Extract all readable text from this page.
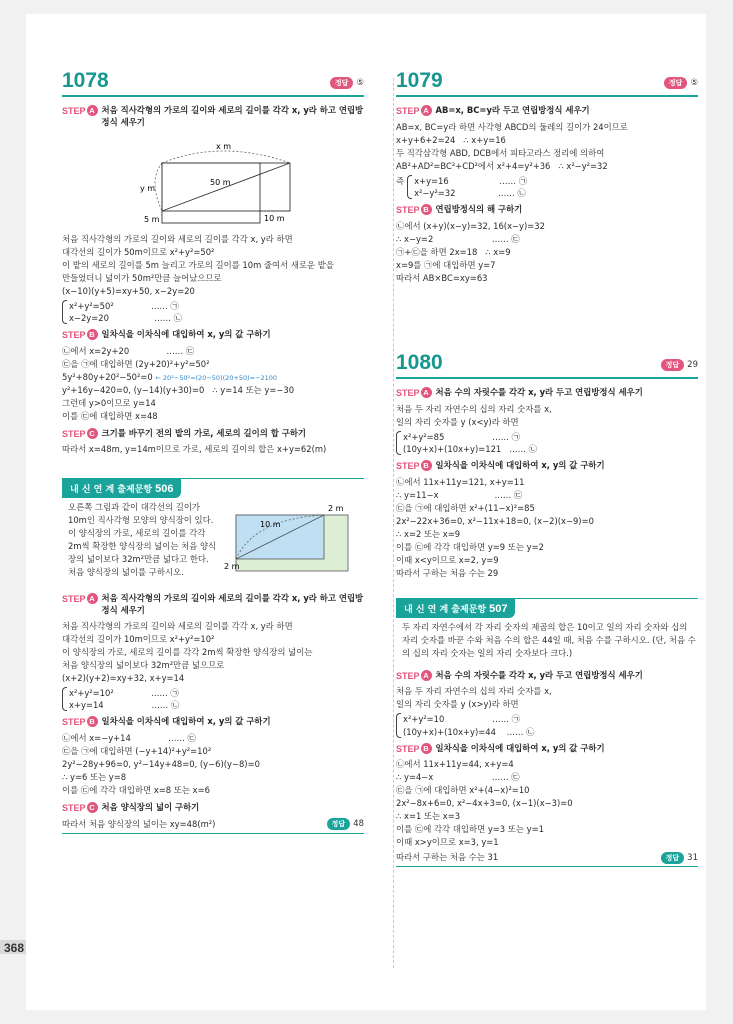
368
1078	정답 ⑤
STEP A 처음 직사각형의 가로의 길이와 세로의 길이를 각각 x, y라 하고 연립방정식 세우기
x m
y m
50 m
5 m	10 m
처음 직사각형의 가로의 길이와 세로의 길이를 각각 x, y라 하면
대각선의 길이가 50m이므로 x²+y²=50²
이 밭의 세로의 길이를 5m 늘리고 가로의 길이를 10m 줄여서 새로운 밭을
만들었더니 넓이가 50m²만큼 늘어났으므로
(x−10)(y+5)=xy+50, x−2y=20
x²+y²=50²              …… ㉠
x−2y=20                 …… ㉡
STEP B 일차식을 이차식에 대입하여 x, y의 값 구하기
㉡에서 x=2y+20              …… ㉢
㉢을 ㉠에 대입하면 (2y+20)²+y²=50²
5y²+80y+20²−50²=0 ← 20²−50²=(20−50)(20+50)=−2100
y²+16y−420=0, (y−14)(y+30)=0   ∴ y=14 또는 y=−30
그런데 y>0이므로 y=14
이를 ㉢에 대입하면 x=48
STEP C 크기를 바꾸기 전의 밭의 가로, 세로의 길이의 합 구하기
따라서 x=48m, y=14m이므로 가로, 세로의 길이의 합은 x+y=62(m)
내 신 연 계 출제문항 506
오른쪽 그림과 같이 대각선의 길이가 10m인 직사각형 모양의 양식장이 있다. 이 양식장의 가로, 세로의 길이를 각각 2m씩 확장한 양식장의 넓이는 처음 양식장의 넓이보다 32m²만큼 넓다고 한다. 처음 양식장의 넓이를 구하시오.
10 m
2 m
2 m
STEP A 처음 직사각형의 가로의 길이와 세로의 길이를 각각 x, y라 하고 연립방정식 세우기
처음 직사각형의 가로의 길이와 세로의 길이를 각각 x, y라 하면
대각선의 길이가 10m이므로 x²+y²=10²
이 양식장의 가로, 세로의 길이를 각각 2m씩 확장한 양식장의 넓이는
처음 양식장의 넓이보다 32m²만큼 넓으므로
(x+2)(y+2)=xy+32, x+y=14
x²+y²=10²              …… ㉠
x+y=14                  …… ㉡
STEP B 일차식을 이차식에 대입하여 x, y의 값 구하기
㉡에서 x=−y+14              …… ㉢
㉢을 ㉠에 대입하면 (−y+14)²+y²=10²
2y²−28y+96=0, y²−14y+48=0, (y−6)(y−8)=0
∴ y=6 또는 y=8
이를 ㉢에 각각 대입하면 x=8 또는 x=6
STEP C 처음 양식장의 넓이 구하기
따라서 처음 양식장의 넓이는 xy=48(m²)	정답 48
1079	정답 ⑤
STEP A AB=x, BC=y라 두고 연립방정식 세우기
AB=x, BC=y라 하면 사각형 ABCD의 둘레의 길이가 24이므로
x+y+6+2=24   ∴ x+y=16
두 직각삼각형 ABD, DCB에서 피타고라스 정리에 의하여
AB²+AD²=BC²+CD²에서 x²+4=y²+36   ∴ x²−y²=32
즉 x+y=16                   …… ㉠
x²−y²=32                …… ㉡
STEP B 연립방정식의 해 구하기
㉡에서 (x+y)(x−y)=32, 16(x−y)=32
∴ x−y=2                      …… ㉢
㉠+㉢을 하면 2x=18   ∴ x=9
x=9를 ㉠에 대입하면 y=7
따라서 AB×BC=xy=63
1080	정답 29
STEP A 처음 수의 자릿수를 각각 x, y라 두고 연립방정식 세우기
처음 두 자리 자연수의 십의 자리 숫자를 x,
일의 자리 숫자를 y (x<y)라 하면
x²+y²=85                  …… ㉠
(10y+x)+(10x+y)=121   …… ㉡
STEP B 일차식을 이차식에 대입하여 x, y의 값 구하기
㉡에서 11x+11y=121, x+y=11
∴ y=11−x                     …… ㉢
㉢을 ㉠에 대입하면 x²+(11−x)²=85
2x²−22x+36=0, x²−11x+18=0, (x−2)(x−9)=0
∴ x=2 또는 x=9
이를 ㉢에 각각 대입하면 y=9 또는 y=2
이때 x<y이므로 x=2, y=9
따라서 구하는 처음 수는 29
내 신 연 계 출제문항 507
두 자리 자연수에서 각 자리 숫자의 제곱의 합은 10이고 일의 자리 숫자와 십의 자리 숫자를 바꾼 수와 처음 수의 합은 44일 때, 처음 수를 구하시오. (단, 처음 수의 십의 자리 숫자는 일의 자리 숫자보다 크다.)
STEP A 처음 수의 자릿수를 각각 x, y라 두고 연립방정식 세우기
처음 두 자리 자연수의 십의 자리 숫자를 x,
일의 자리 숫자를 y (x>y)라 하면
x²+y²=10                  …… ㉠
(10y+x)+(10x+y)=44    …… ㉡
STEP B 일차식을 이차식에 대입하여 x, y의 값 구하기
㉡에서 11x+11y=44, x+y=4
∴ y=4−x                      …… ㉢
㉢을 ㉠에 대입하면 x²+(4−x)²=10
2x²−8x+6=0, x²−4x+3=0, (x−1)(x−3)=0
∴ x=1 또는 x=3
이를 ㉢에 각각 대입하면 y=3 또는 y=1
이때 x>y이므로 x=3, y=1
따라서 구하는 처음 수는 31	정답 31
